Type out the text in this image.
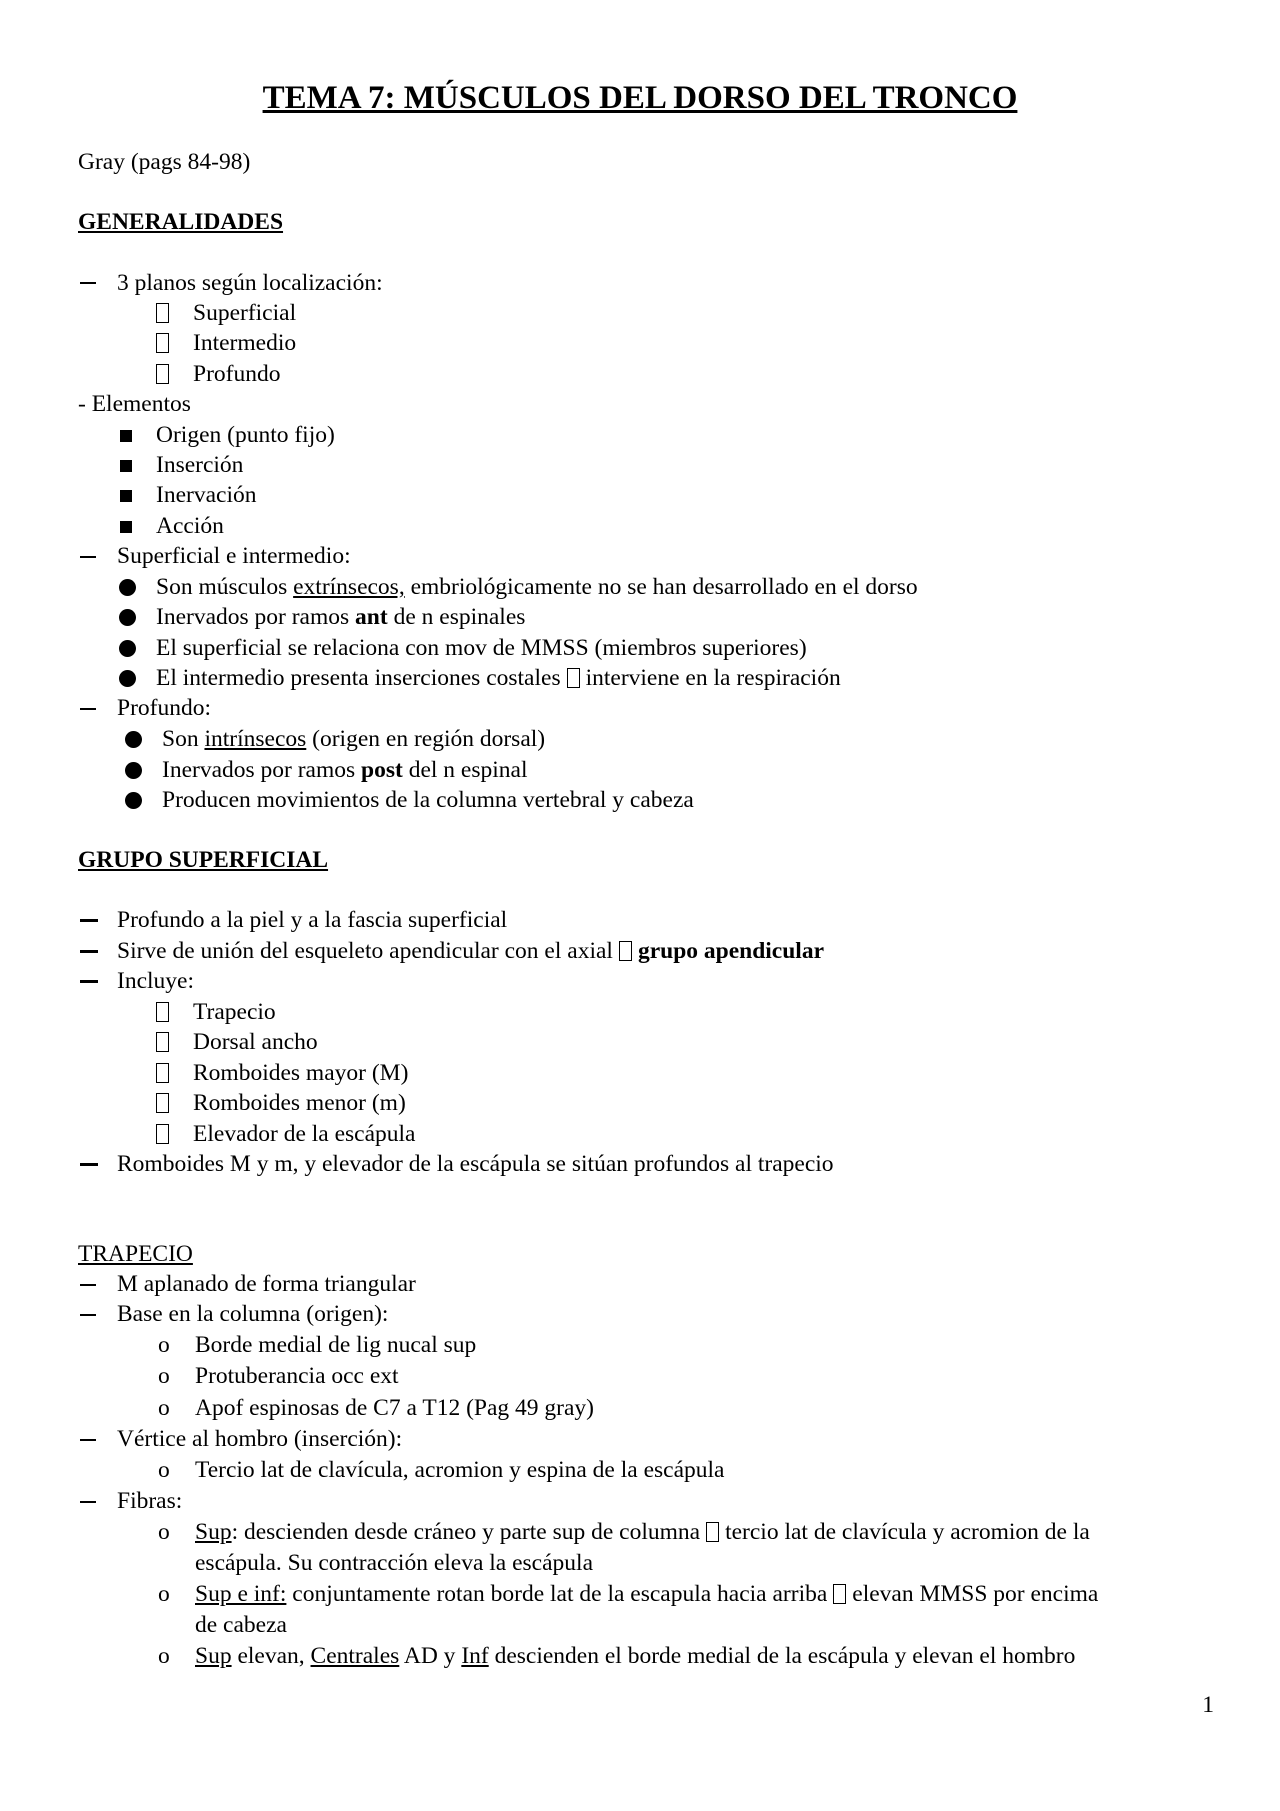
TEMA 7: MÚSCULOS DEL DORSO DEL TRONCO
Gray (pags 84-98)
GENERALIDADES
3 planos según localización:
Superficial
Intermedio
Profundo
- Elementos
Origen (punto fijo)
Inserción
Inervación
Acción
Superficial e intermedio:
Son músculos extrínsecos, embriológicamente no se han desarrollado en el dorso
Inervados por ramos ant de n espinales
El superficial se relaciona con mov de MMSS (miembros superiores)
El intermedio presenta inserciones costales interviene en la respiración
Profundo:
Son intrínsecos (origen en región dorsal)
Inervados por ramos post del n espinal
Producen movimientos de la columna vertebral y cabeza
GRUPO SUPERFICIAL
Profundo a la piel y a la fascia superficial
Sirve de unión del esqueleto apendicular con el axial grupo apendicular
Incluye:
Trapecio
Dorsal ancho
Romboides mayor (M)
Romboides menor (m)
Elevador de la escápula
Romboides M y m, y elevador de la escápula se sitúan profundos al trapecio
TRAPECIO
M aplanado de forma triangular
Base en la columna (origen):
o Borde medial de lig nucal sup
o Protuberancia occ ext
o Apof espinosas de C7 a T12 (Pag 49 gray)
Vértice al hombro (inserción):
o Tercio lat de clavícula, acromion y espina de la escápula
Fibras:
o Sup: descienden desde cráneo y parte sup de columna tercio lat de clavícula y acromion de la
escápula. Su contracción eleva la escápula
o Sup e inf: conjuntamente rotan borde lat de la escapula hacia arriba elevan MMSS por encima
de cabeza
o Sup elevan, Centrales AD y Inf descienden el borde medial de la escápula y elevan el hombro
1
